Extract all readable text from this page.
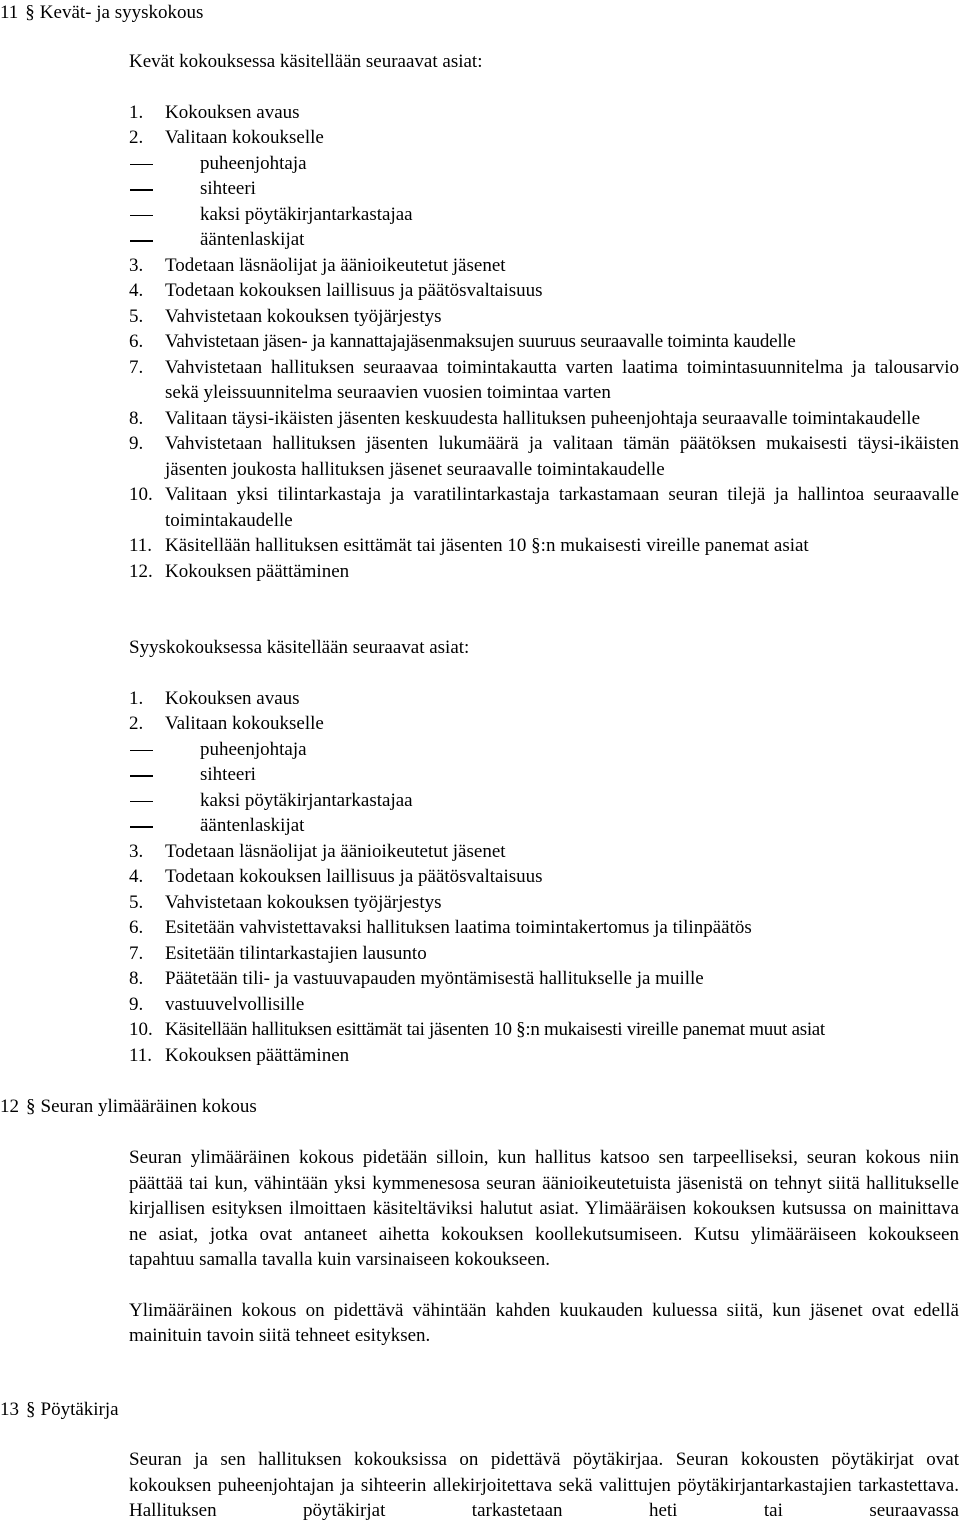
11 § Kevät- ja syyskokous

Kevät kokouksessa käsitellään seuraavat asiat:

1. Kokouksen avaus
2. Valitaan kokoukselle
puheenjohtaja
sihteeri
kaksi pöytäkirjantarkastajaa
ääntenlaskijat
3. Todetaan läsnäolijat ja äänioikeutetut jäsenet
4. Todetaan kokouksen laillisuus ja päätösvaltaisuus
5. Vahvistetaan kokouksen työjärjestys
6. Vahvistetaan jäsen- ja kannattajajäsenmaksujen suuruus seuraavalle toiminta kaudelle
7. Vahvistetaan hallituksen seuraavaa toimintakautta varten laatima toimintasuunnitelma ja talousarvio sekä yleissuunnitelma seuraavien vuosien toimintaa varten
8. Valitaan täysi-ikäisten jäsenten keskuudesta hallituksen puheenjohtaja seuraavalle toimintakaudelle
9. Vahvistetaan hallituksen jäsenten lukumäärä ja valitaan tämän päätöksen mukaisesti täysi-ikäisten jäsenten joukosta hallituksen jäsenet seuraavalle toimintakaudelle
10. Valitaan yksi tilintarkastaja ja varatilintarkastaja tarkastamaan seuran tilejä ja hallintoa seuraavalle toimintakaudelle
11. Käsitellään hallituksen esittämät tai jäsenten 10 §:n mukaisesti vireille panemat asiat
12. Kokouksen päättäminen

Syyskokouksessa käsitellään seuraavat asiat:

1. Kokouksen avaus
2. Valitaan kokoukselle
puheenjohtaja
sihteeri
kaksi pöytäkirjantarkastajaa
ääntenlaskijat
3. Todetaan läsnäolijat ja äänioikeutetut jäsenet
4. Todetaan kokouksen laillisuus ja päätösvaltaisuus
5. Vahvistetaan kokouksen työjärjestys
6. Esitetään vahvistettavaksi hallituksen laatima toimintakertomus ja tilinpäätös
7. Esitetään tilintarkastajien lausunto
8. Päätetään tili- ja vastuuvapauden myöntämisestä hallitukselle ja muille
9. vastuuvelvollisille
10. Käsitellään hallituksen esittämät tai jäsenten 10 §:n mukaisesti vireille panemat muut asiat
11. Kokouksen päättäminen
12 § Seuran ylimääräinen kokous

Seuran ylimääräinen kokous pidetään silloin, kun hallitus katsoo sen tarpeelliseksi, seuran kokous niin päättää tai kun, vähintään yksi kymmenesosa seuran äänioikeutetuista jäsenistä on tehnyt siitä hallitukselle kirjallisen esityksen ilmoittaen käsiteltäviksi halutut asiat. Ylimääräisen kokouksen kutsussa on mainittava ne asiat, jotka ovat antaneet aihetta kokouksen koollekutsumiseen. Kutsu ylimääräiseen kokoukseen tapahtuu samalla tavalla kuin varsinaiseen kokoukseen.

Ylimääräinen kokous on pidettävä vähintään kahden kuukauden kuluessa siitä, kun jäsenet ovat edellä mainituin tavoin siitä tehneet esityksen.

13 § Pöytäkirja

Seuran ja sen hallituksen kokouksissa on pidettävä pöytäkirjaa. Seuran kokousten pöytäkirjat ovat kokouksen puheenjohtajan ja sihteerin allekirjoitettava sekä valittujen pöytäkirjantarkastajien tarkastettava. Hallituksen pöytäkirjat tarkastetaan heti tai seuraavassa
